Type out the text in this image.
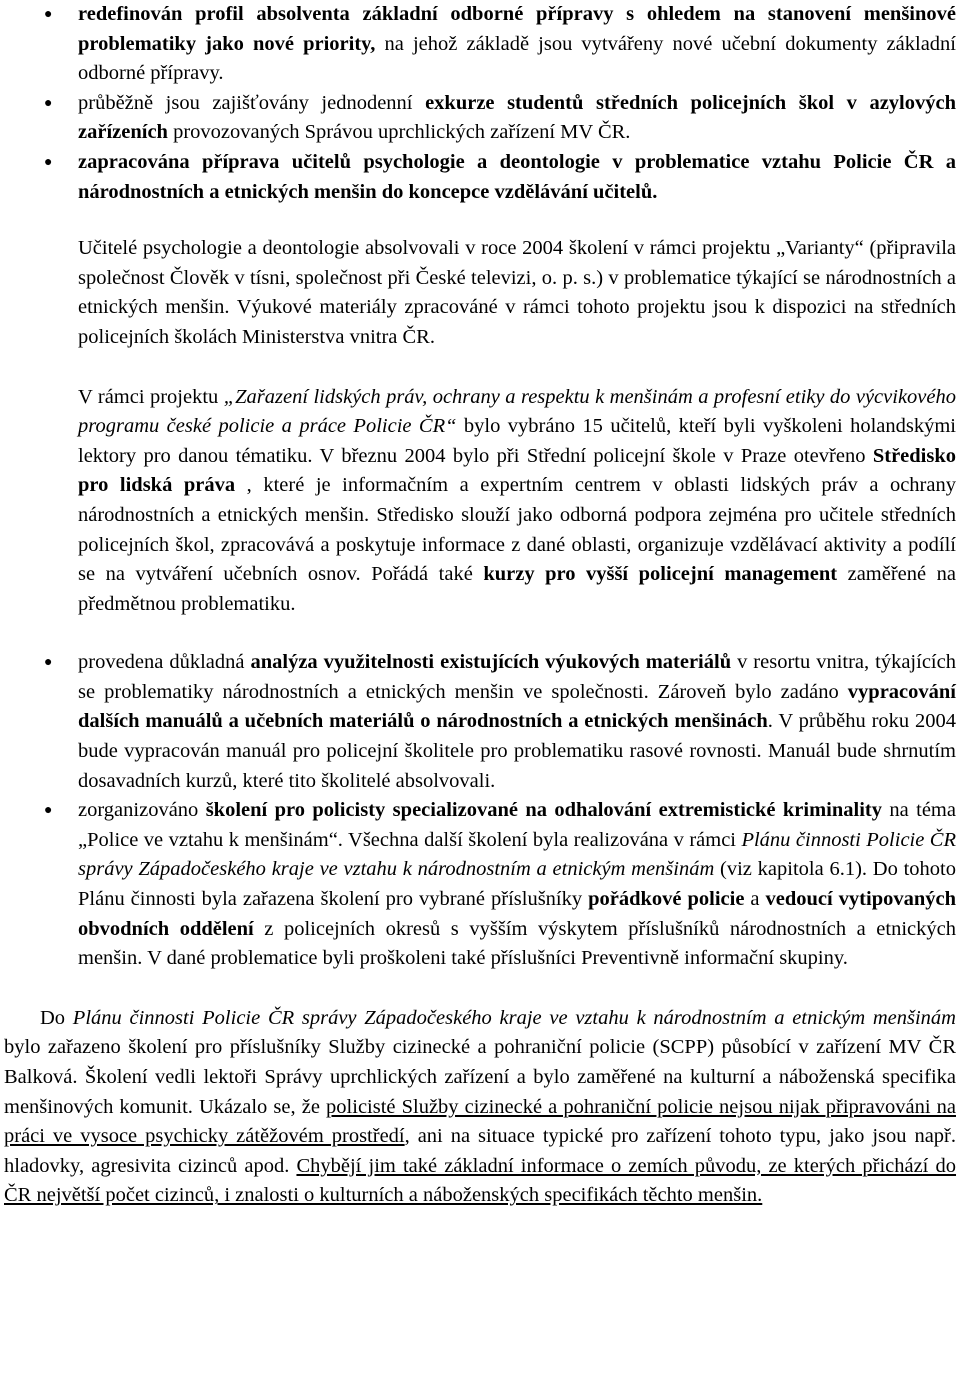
● redefinován profil absolventa základní odborné přípravy s ohledem na stanovení menšinové problematiky jako nové priority, na jehož základě jsou vytvářeny nové učební dokumenty základní odborné přípravy.
● průběžně jsou zajišťovány jednodenní exkurze studentů středních policejních škol v azylových zařízeních provozovaných Správou uprchlických zařízení MV ČR.
● zapracována příprava učitelů psychologie a deontologie v problematice vztahu Policie ČR a národnostních a etnických menšin do koncepce vzdělávání učitelů.

Učitelé psychologie a deontologie absolvovali v roce 2004 školení v rámci projektu „Varianty“ (připravila společnost Člověk v tísni, společnost při České televizi, o. p. s.) v problematice týkající se národnostních a etnických menšin. Výukové materiály zpracováné v rámci tohoto projektu jsou k dispozici na středních policejních školách Ministerstva vnitra ČR.

V rámci projektu „Zařazení lidských práv, ochrany a respektu k menšinám a profesní etiky do výcvikového programu české policie a práce Policie ČR“ bylo vybráno 15 učitelů, kteří byli vyškoleni holandskými lektory pro danou tématiku. V březnu 2004 bylo při Střední policejní škole v Praze otevřeno Středisko pro lidská práva , které je informačním a expertním centrem v oblasti lidských práv a ochrany národnostních a etnických menšin. Středisko slouží jako odborná podpora zejména pro učitele středních policejních škol, zpracovává a poskytuje informace z dané oblasti, organizuje vzdělávací aktivity a podílí se na vytváření učebních osnov. Pořádá také kurzy pro vyšší policejní management zaměřené na předmětnou problematiku.

● provedena důkladná analýza využitelnosti existujících výukových materiálů v resortu vnitra, týkajících se problematiky národnostních a etnických menšin ve společnosti. Zároveň bylo zadáno vypracování dalších manuálů a učebních materiálů o národnostních a etnických menšinách. V průběhu roku 2004 bude vypracován manuál pro policejní školitele pro problematiku rasové rovnosti. Manuál bude shrnutím dosavadních kurzů, které tito školitelé absolvovali.
● zorganizováno školení pro policisty specializované na odhalování extremistické kriminality na téma „Police ve vztahu k menšinám“. Všechna další školení byla realizována v rámci Plánu činnosti Policie ČR správy Západočeského kraje ve vztahu k národnostním a etnickým menšinám (viz kapitola 6.1). Do tohoto Plánu činnosti byla zařazena školení pro vybrané příslušníky pořádkové policie a vedoucí vytipovaných obvodních oddělení z policejních okresů s vyšším výskytem příslušníků národnostních a etnických menšin. V dané problematice byli proškoleni také příslušníci Preventivně informační skupiny.

Do Plánu činnosti Policie ČR správy Západočeského kraje ve vztahu k národnostním a etnickým menšinám bylo zařazeno školení pro příslušníky Služby cizinecké a pohraniční policie (SCPP) působící v zařízení MV ČR Balková. Školení vedli lektoři Správy uprchlických zařízení a bylo zaměřené na kulturní a náboženská specifika menšinových komunit. Ukázalo se, že policisté Služby cizinecké a pohraniční policie nejsou nijak připravováni na práci ve vysoce psychicky zátěžovém prostředí, ani na situace typické pro zařízení tohoto typu, jako jsou např. hladovky, agresivita cizinců apod. Chybějí jim také základní informace o zemích původu, ze kterých přichází do ČR největší počet cizinců, i znalosti o kulturních a náboženských specifikách těchto menšin.
